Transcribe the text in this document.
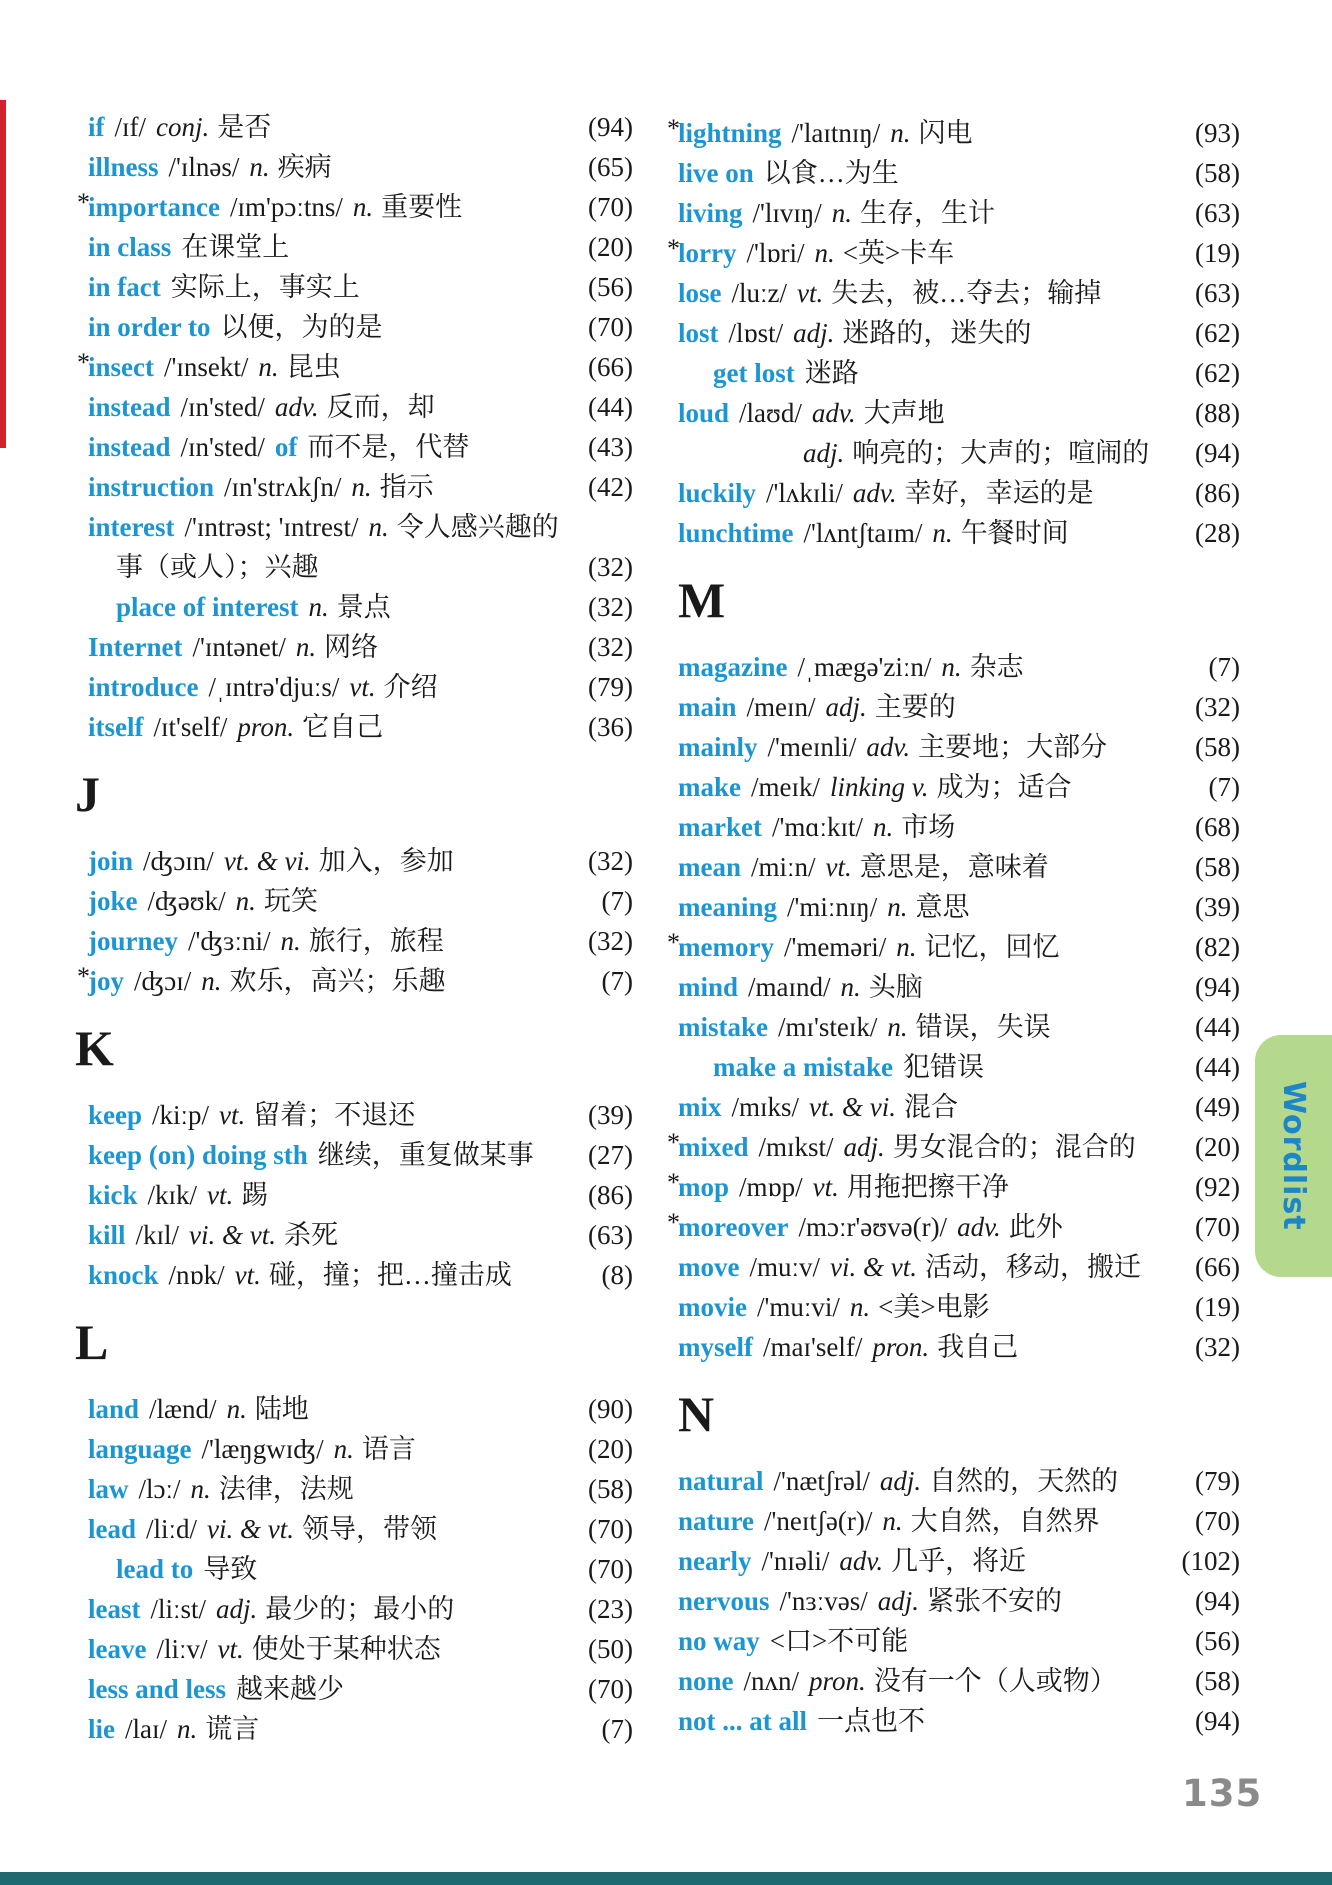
if /ɪf/ conj. 是否	(94)
illness /'ɪlnəs/ n. 疾病	(65)
*
importance /ɪm'pɔːtns/ n. 重要性	(70)
in class 在课堂上	(20)
in fact 实际上，事实上	(56)
in order to 以便，为的是	(70)
*
insect /'ɪnsekt/ n. 昆虫	(66)
instead /ɪn'sted/ adv. 反而，却	(44)
instead /ɪn'sted/ of 而不是，代替	(43)
instruction /ɪn'strʌkʃn/ n. 指示	(42)
interest /'ɪntrəst; 'ɪntrest/ n. 令人感兴趣的
事（或人）；兴趣	(32)
place of interest n. 景点	(32)
Internet /'ɪntənet/ n. 网络	(32)
introduce /ˌɪntrə'djuːs/ vt. 介绍	(79)
itself /ɪt'self/ pron. 它自己	(36)
J
join /ʤɔɪn/ vt. & vi. 加入，参加	(32)
joke /ʤəʊk/ n. 玩笑	(7)
journey /'ʤɜːni/ n. 旅行，旅程	(32)
*
joy /ʤɔɪ/ n. 欢乐，高兴；乐趣	(7)
K
keep /kiːp/ vt. 留着；不退还	(39)
keep (on) doing sth 继续，重复做某事	(27)
kick /kɪk/ vt. 踢	(86)
kill /kɪl/ vi. & vt. 杀死	(63)
knock /nɒk/ vt. 碰，撞；把…撞击成	(8)
L
land /lænd/ n. 陆地	(90)
language /'læŋgwɪʤ/ n. 语言	(20)
law /lɔː/ n. 法律，法规	(58)
lead /liːd/ vi. & vt. 领导，带领	(70)
lead to 导致	(70)
least /liːst/ adj. 最少的；最小的	(23)
leave /liːv/ vt. 使处于某种状态	(50)
less and less 越来越少	(70)
lie /laɪ/ n. 谎言	(7)
*
lightning /'laɪtnɪŋ/ n. 闪电	(93)
live on 以食…为生	(58)
living /'lɪvɪŋ/ n. 生存，生计	(63)
*
lorry /'lɒri/ n. <英>卡车	(19)
lose /luːz/ vt. 失去，被…夺去；输掉	(63)
lost /lɒst/ adj. 迷路的，迷失的	(62)
get lost 迷路	(62)
loud /laʊd/ adv. 大声地	(88)
adj. 响亮的；大声的；喧闹的	(94)
luckily /'lʌkɪli/ adv. 幸好，幸运的是	(86)
lunchtime /'lʌntʃtaɪm/ n. 午餐时间	(28)
M
magazine /ˌmægə'ziːn/ n. 杂志	(7)
main /meɪn/ adj. 主要的	(32)
mainly /'meɪnli/ adv. 主要地；大部分	(58)
make /meɪk/ linking v. 成为；适合	(7)
market /'mɑːkɪt/ n. 市场	(68)
mean /miːn/ vt. 意思是，意味着	(58)
meaning /'miːnɪŋ/ n. 意思	(39)
*
memory /'meməri/ n. 记忆，回忆	(82)
mind /maɪnd/ n. 头脑	(94)
mistake /mɪ'steɪk/ n. 错误，失误	(44)
make a mistake 犯错误	(44)
mix /mɪks/ vt. & vi. 混合	(49)
*
mixed /mɪkst/ adj. 男女混合的；混合的	(20)
*
mop /mɒp/ vt. 用拖把擦干净	(92)
*
moreover /mɔːr'əʊvə(r)/ adv. 此外	(70)
move /muːv/ vi. & vt. 活动，移动，搬迁	(66)
movie /'muːvi/ n. <美>电影	(19)
myself /maɪ'self/ pron. 我自己	(32)
N
natural /'nætʃrəl/ adj. 自然的，天然的	(79)
nature /'neɪtʃə(r)/ n. 大自然，自然界	(70)
nearly /'nɪəli/ adv. 几乎，将近	(102)
nervous /'nɜːvəs/ adj. 紧张不安的	(94)
no way <口>不可能	(56)
none /nʌn/ pron. 没有一个（人或物）	(58)
not ... at all 一点也不	(94)
Wordlist
135
